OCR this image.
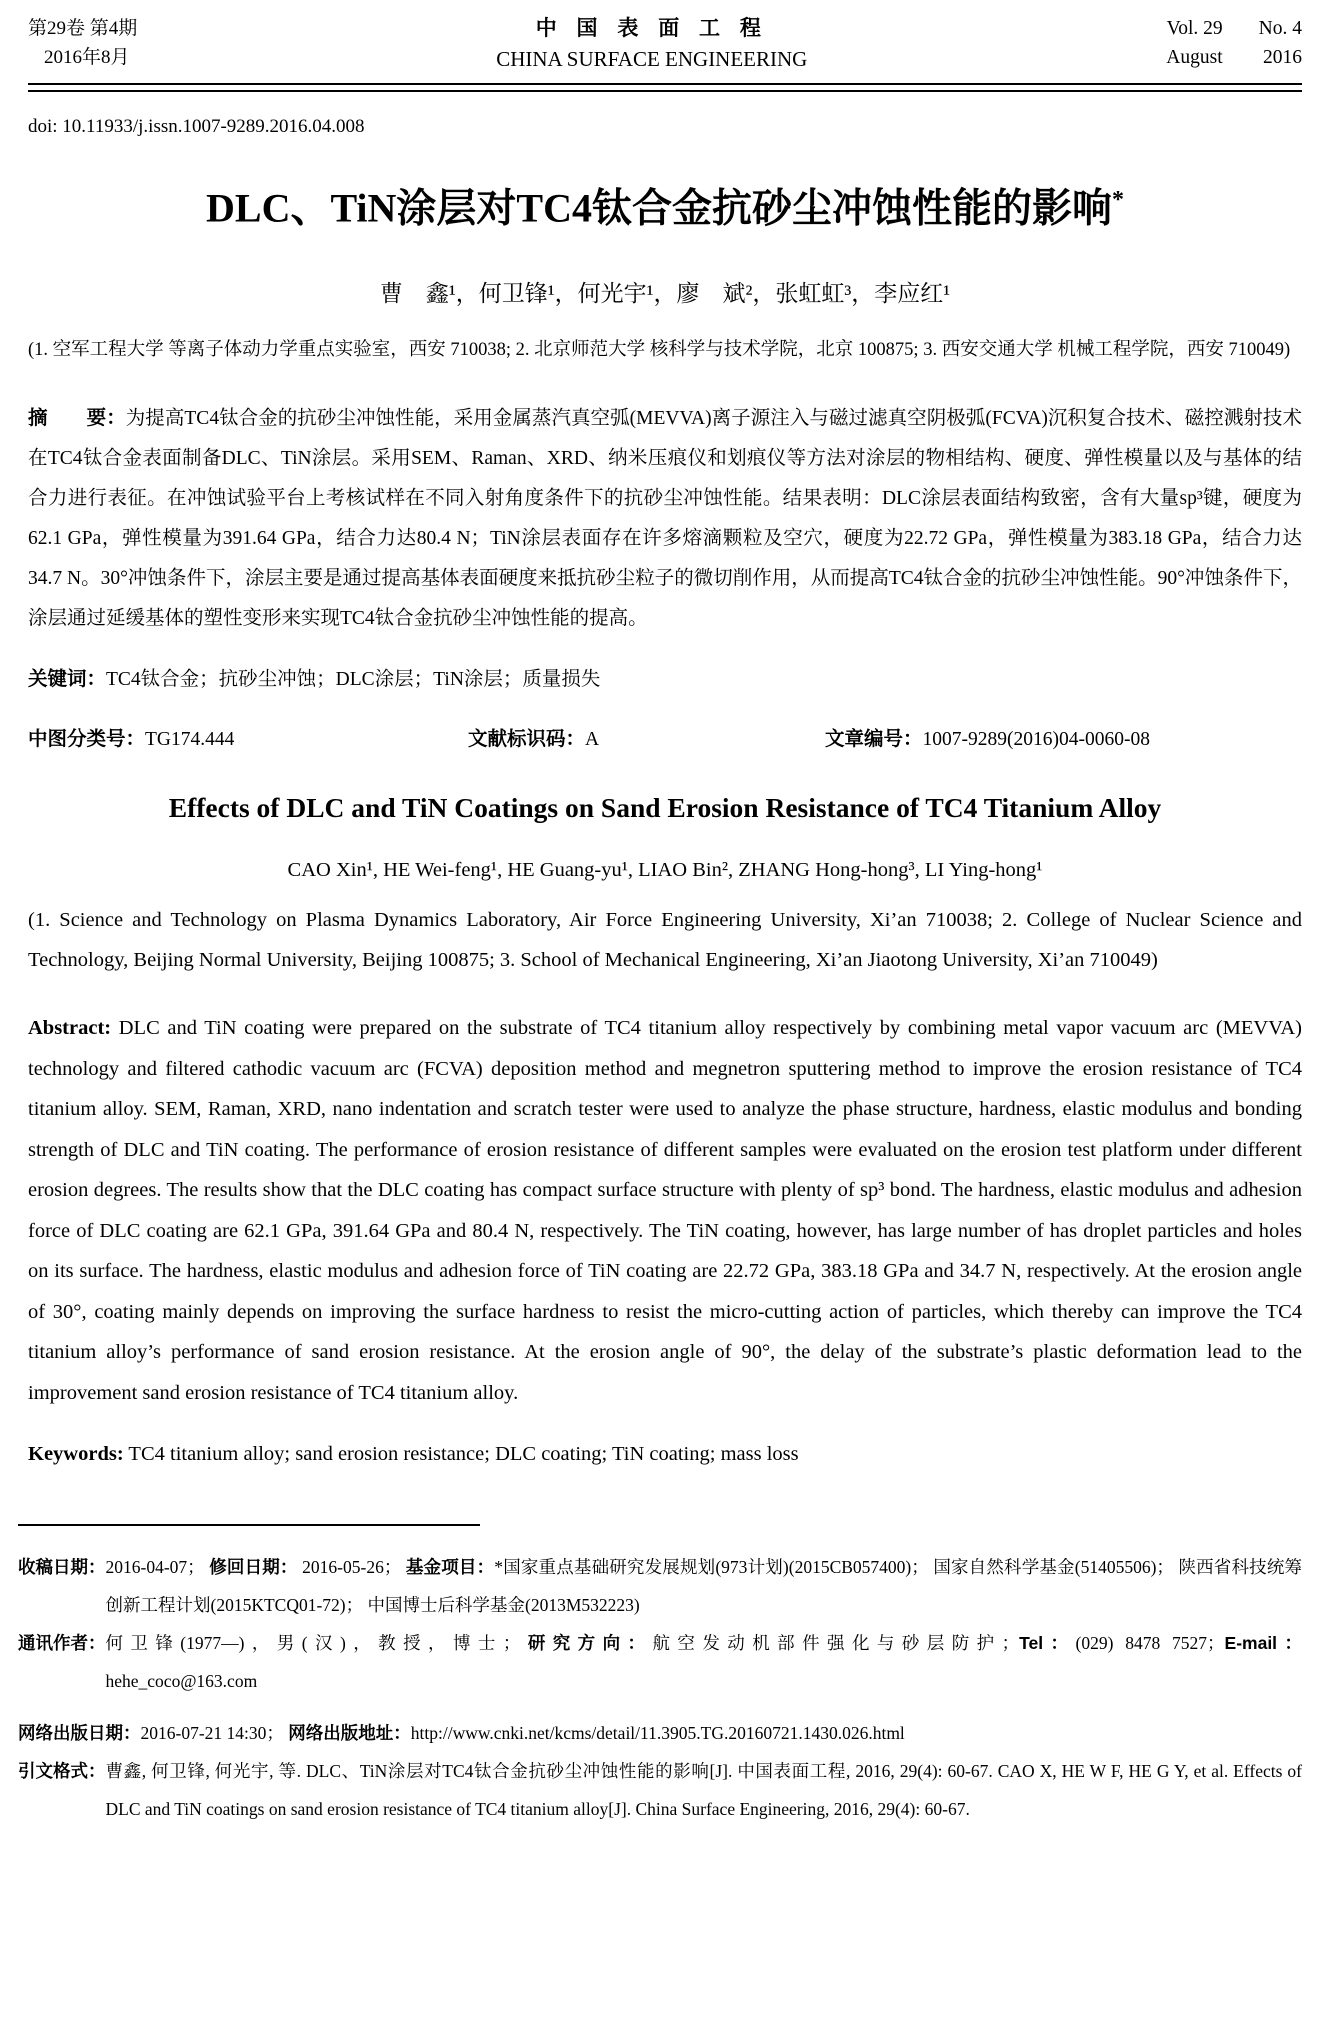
第29卷 第4期
2016年8月
中 国 表 面 工 程
CHINA SURFACE ENGINEERING
Vol. 29 No. 4
August 2016
doi: 10.11933/j.issn.1007-9289.2016.04.008
DLC、TiN涂层对TC4钛合金抗砂尘冲蚀性能的影响*
曹　鑫¹，何卫锋¹，何光宇¹，廖　斌²，张虹虹³，李应红¹
(1. 空军工程大学 等离子体动力学重点实验室，西安 710038; 2. 北京师范大学 核科学与技术学院，北京 100875; 3. 西安交通大学 机械工程学院，西安 710049)

摘　　要：为提高TC4钛合金的抗砂尘冲蚀性能，采用金属蒸汽真空弧(MEVVA)离子源注入与磁过滤真空阴极弧(FCVA)沉积复合技术、磁控溅射技术在TC4钛合金表面制备DLC、TiN涂层。采用SEM、Raman、XRD、纳米压痕仪和划痕仪等方法对涂层的物相结构、硬度、弹性模量以及与基体的结合力进行表征。在冲蚀试验平台上考核试样在不同入射角度条件下的抗砂尘冲蚀性能。结果表明：DLC涂层表面结构致密，含有大量sp³键，硬度为62.1 GPa，弹性模量为391.64 GPa，结合力达80.4 N；TiN涂层表面存在许多熔滴颗粒及空穴，硬度为22.72 GPa，弹性模量为383.18 GPa，结合力达34.7 N。30°冲蚀条件下，涂层主要是通过提高基体表面硬度来抵抗砂尘粒子的微切削作用，从而提高TC4钛合金的抗砂尘冲蚀性能。90°冲蚀条件下，涂层通过延缓基体的塑性变形来实现TC4钛合金抗砂尘冲蚀性能的提高。

关键词：TC4钛合金；抗砂尘冲蚀；DLC涂层；TiN涂层；质量损失

中图分类号：TG174.444	文献标识码：A	文章编号：1007-9289(2016)04-0060-08
Effects of DLC and TiN Coatings on Sand Erosion Resistance of TC4 Titanium Alloy
CAO Xin¹, HE Wei-feng¹, HE Guang-yu¹, LIAO Bin², ZHANG Hong-hong³, LI Ying-hong¹
(1. Science and Technology on Plasma Dynamics Laboratory, Air Force Engineering University, Xi’an 710038; 2. College of Nuclear Science and Technology, Beijing Normal University, Beijing 100875; 3. School of Mechanical Engineering, Xi’an Jiaotong University, Xi’an 710049)

Abstract: DLC and TiN coating were prepared on the substrate of TC4 titanium alloy respectively by combining metal vapor vacuum arc (MEVVA) technology and filtered cathodic vacuum arc (FCVA) deposition method and megnetron sputtering method to improve the erosion resistance of TC4 titanium alloy. SEM, Raman, XRD, nano indentation and scratch tester were used to analyze the phase structure, hardness, elastic modulus and bonding strength of DLC and TiN coating. The performance of erosion resistance of different samples were evaluated on the erosion test platform under different erosion degrees. The results show that the DLC coating has compact surface structure with plenty of sp³ bond. The hardness, elastic modulus and adhesion force of DLC coating are 62.1 GPa, 391.64 GPa and 80.4 N, respectively. The TiN coating, however, has large number of has droplet particles and holes on its surface. The hardness, elastic modulus and adhesion force of TiN coating are 22.72 GPa, 383.18 GPa and 34.7 N, respectively. At the erosion angle of 30°, coating mainly depends on improving the surface hardness to resist the micro-cutting action of particles, which thereby can improve the TC4 titanium alloy’s performance of sand erosion resistance. At the erosion angle of 90°, the delay of the substrate’s plastic deformation lead to the improvement sand erosion resistance of TC4 titanium alloy.

Keywords: TC4 titanium alloy; sand erosion resistance; DLC coating; TiN coating; mass loss

收稿日期： 2016-04-07； 修回日期： 2016-05-26； 基金项目：*国家重点基础研究发展规划(973计划)(2015CB057400)； 国家自然科学基金(51405506)； 陕西省科技统筹创新工程计划(2015KTCQ01-72)； 中国博士后科学基金(2013M532223)
通讯作者： 何卫锋(1977—)，男(汉)，教授，博士；研究方向：航空发动机部件强化与砂层防护；Tel：(029) 8478 7527；E-mail：
hehe_coco@163.com
网络出版日期： 2016-07-21 14:30； 网络出版地址：http://www.cnki.net/kcms/detail/11.3905.TG.20160721.1430.026.html
引文格式： 曹鑫, 何卫锋, 何光宇, 等. DLC、TiN涂层对TC4钛合金抗砂尘冲蚀性能的影响[J]. 中国表面工程, 2016, 29(4): 60-67. CAO X, HE W F, HE G Y, et al. Effects of DLC and TiN coatings on sand erosion resistance of TC4 titanium alloy[J]. China Surface Engineering, 2016, 29(4): 60-67.
